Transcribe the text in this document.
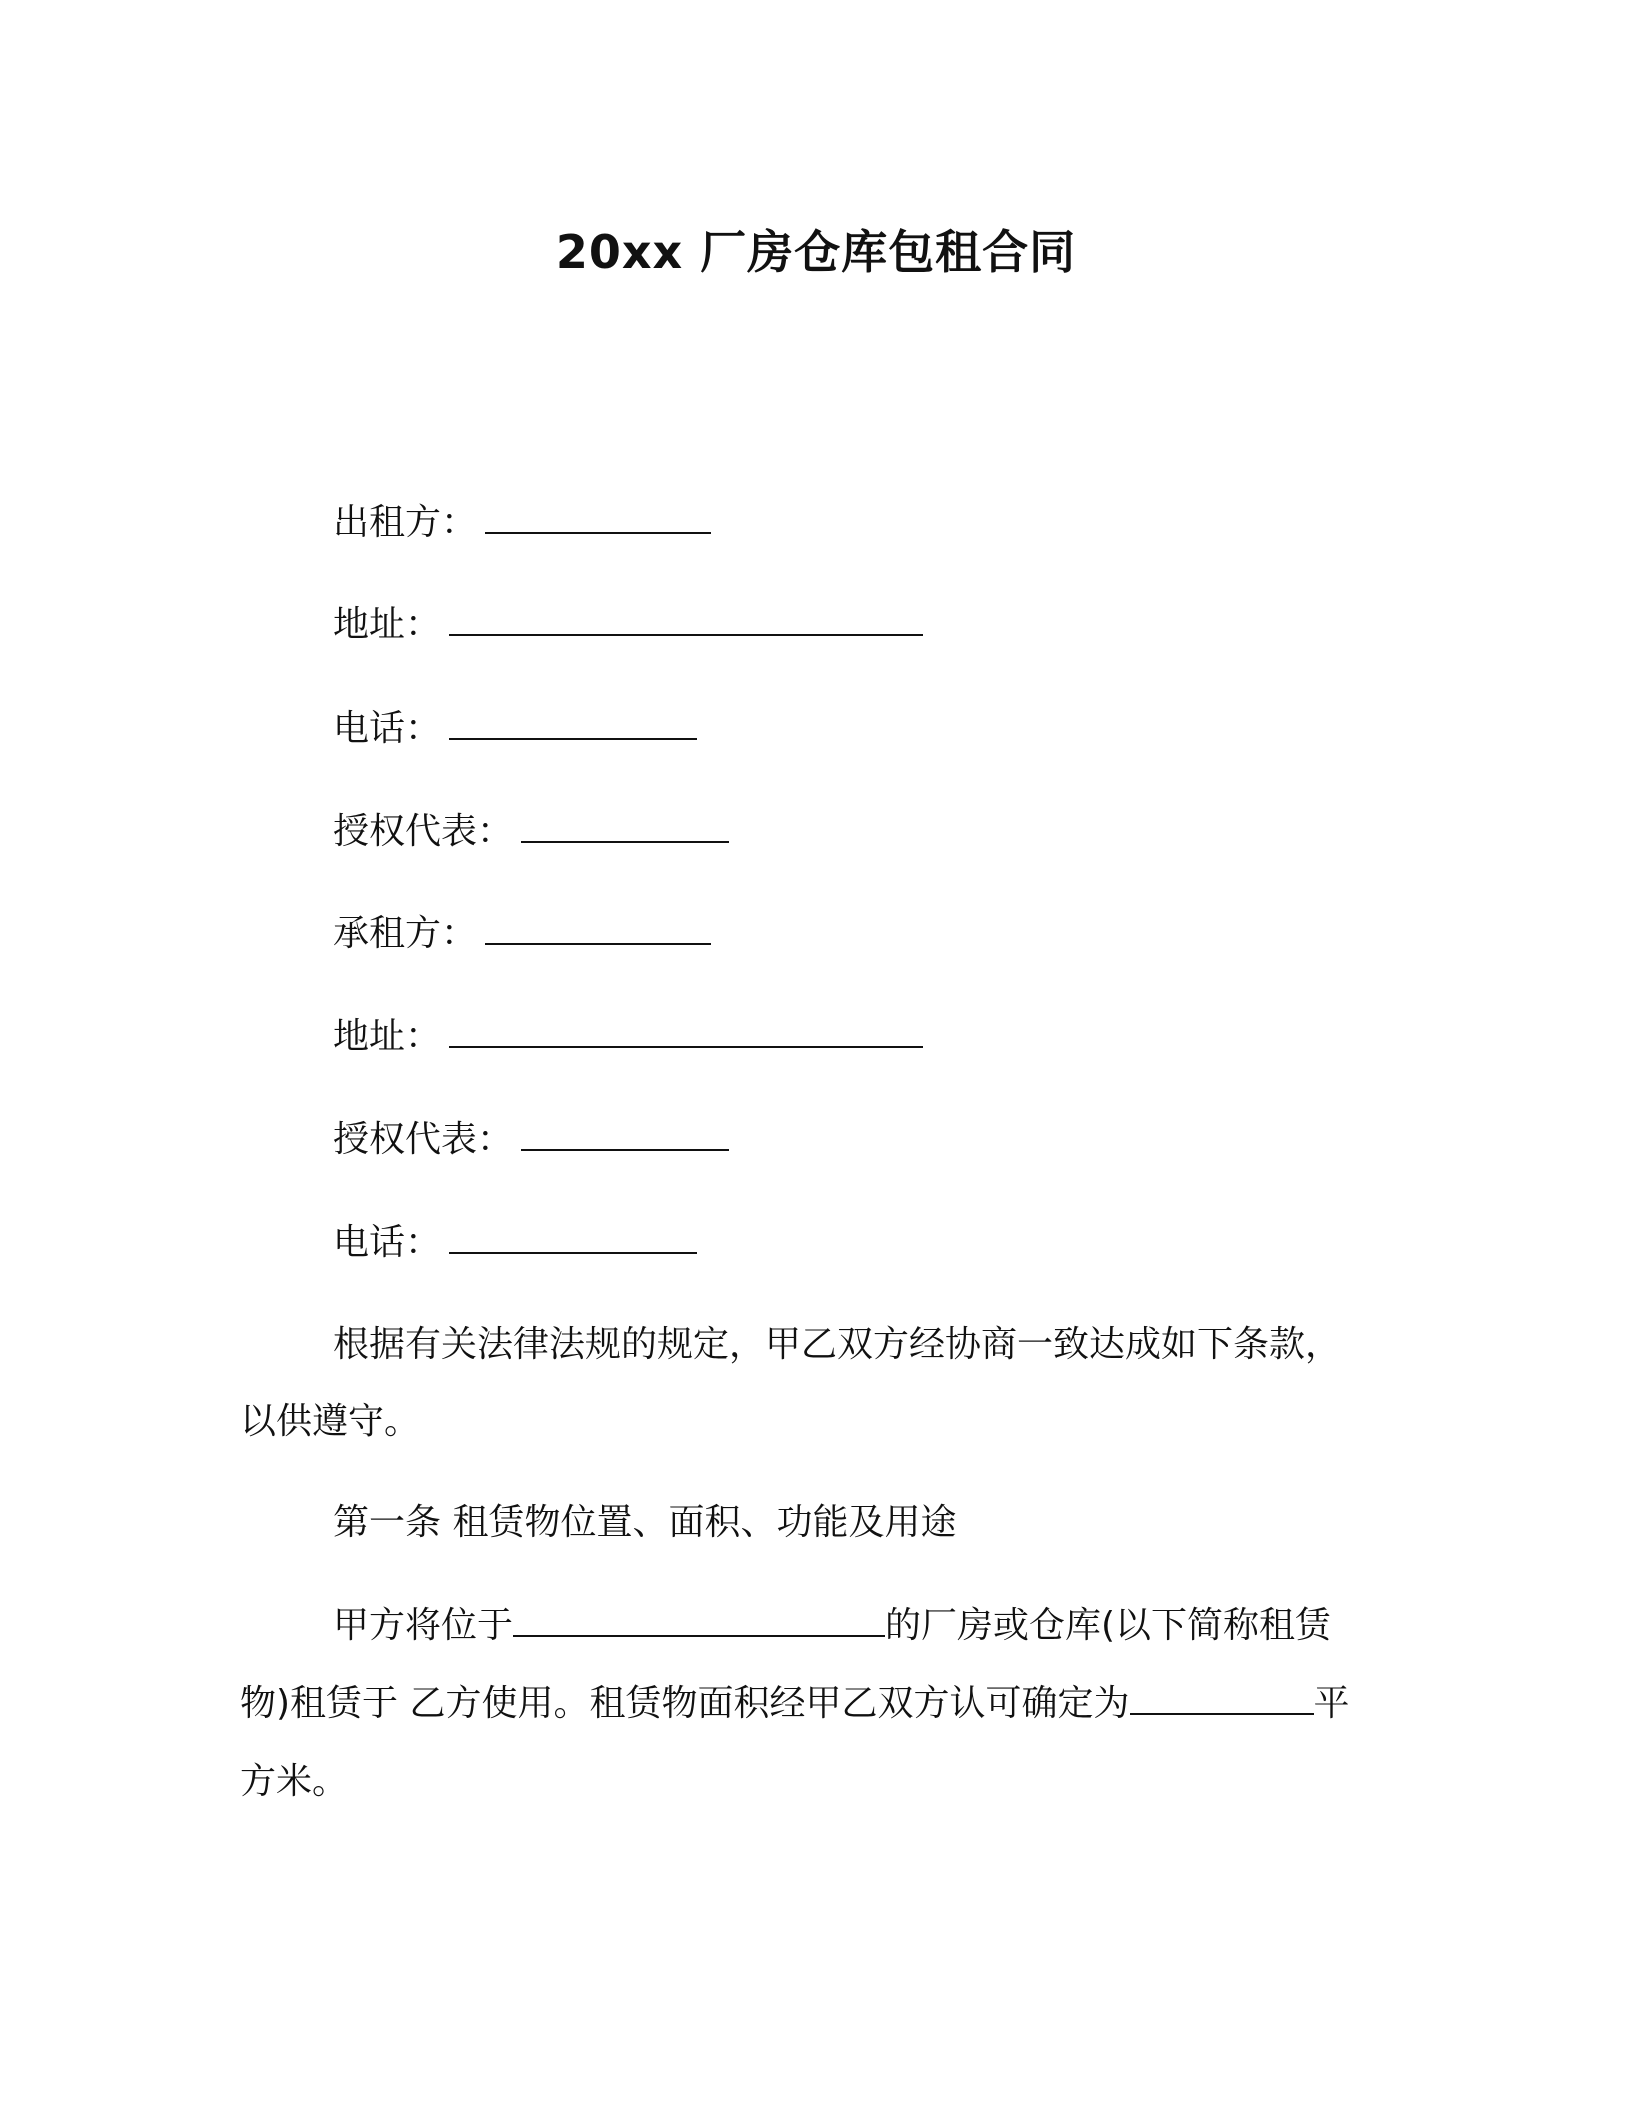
20xx 厂房仓库包租合同
出租方：
地址：
电话：
授权代表：
承租方：
地址：
授权代表：
电话：
根据有关法律法规的规定，甲乙双方经协商一致达成如下条款，
以供遵守。
第一条 租赁物位置、面积、功能及用途
甲方将位于	的厂房或仓库(以下简称租赁
物)租赁于 乙方使用。租赁物面积经甲乙双方认可确定为	平
方米。
